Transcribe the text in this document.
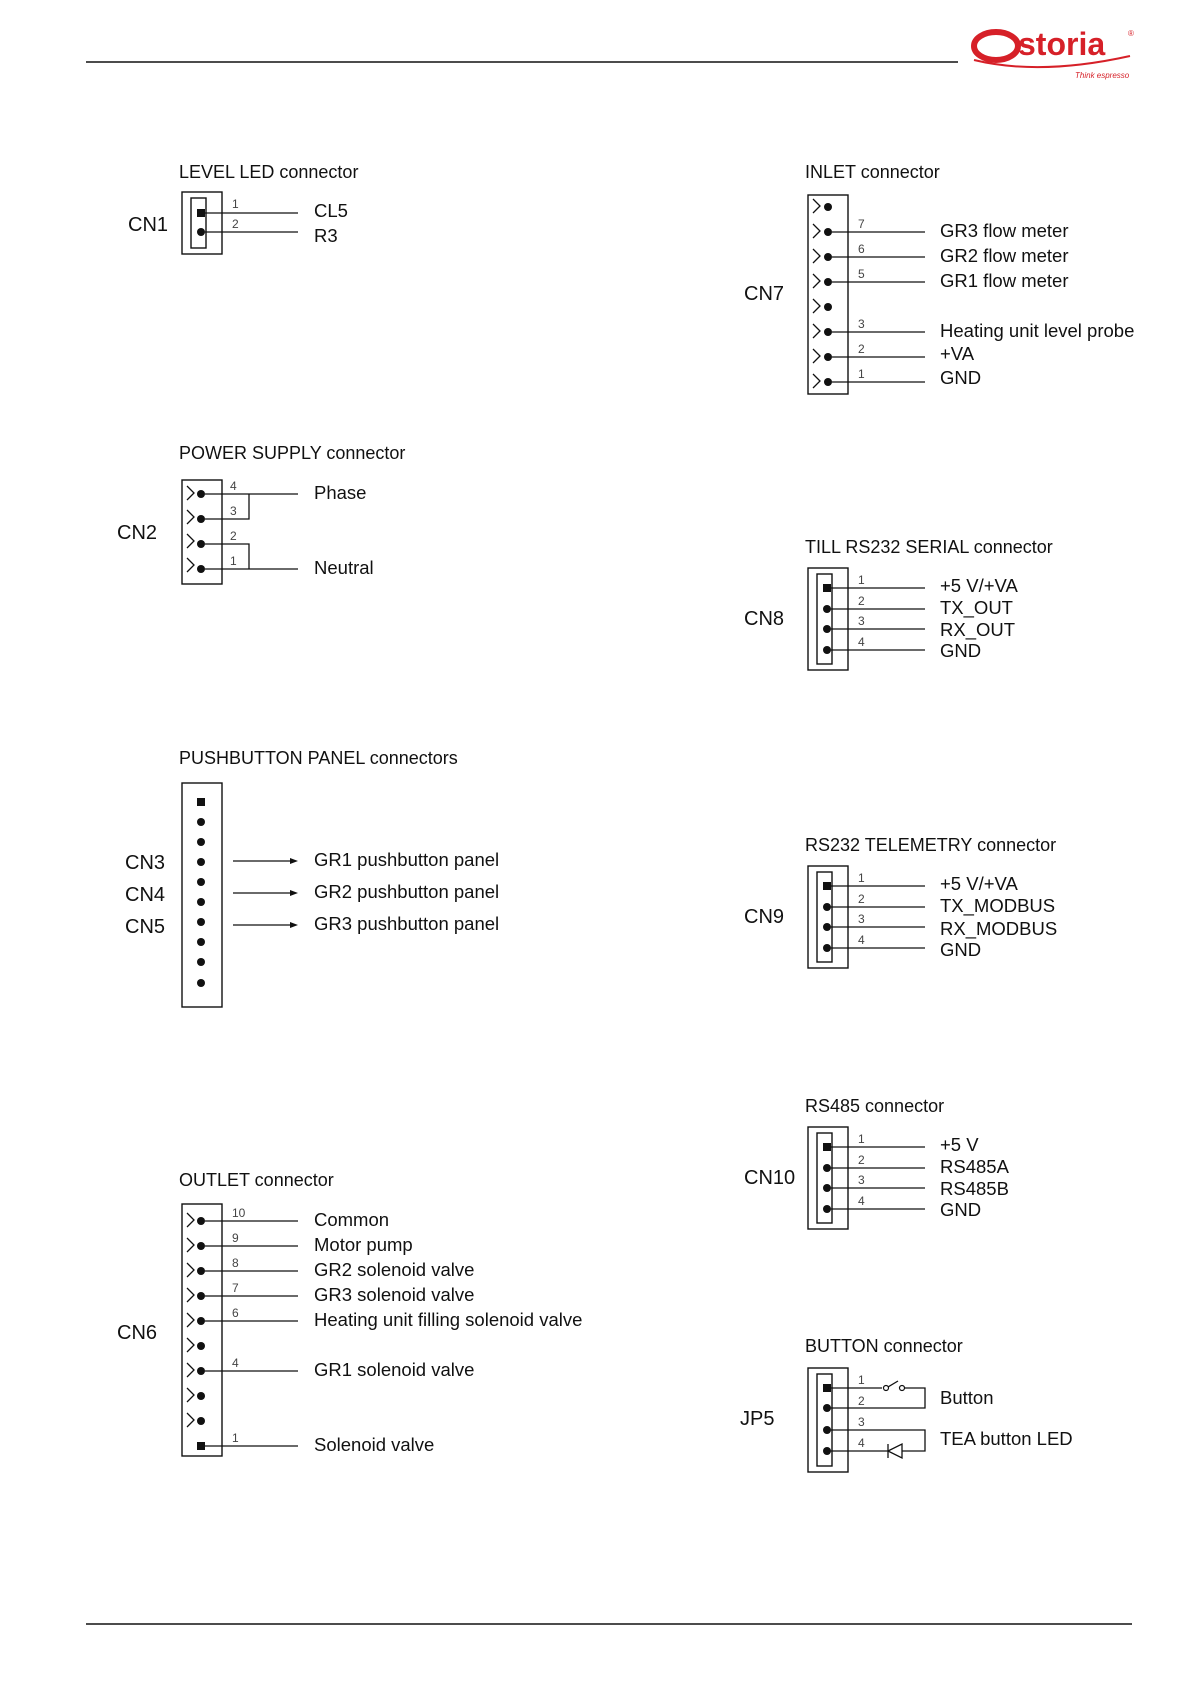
storia	®
Think espresso
LEVEL LED connector
CN1
1
2
CL5
R3
POWER SUPPLY connector
CN2
4
3
2
1
Phase
Neutral
PUSHBUTTON PANEL connectors
CN3
CN4
CN5
GR1 pushbutton panel
GR2 pushbutton panel
GR3 pushbutton panel
OUTLET connector
CN6
10
9
8
7
6
4
1
Common
Motor pump
GR2 solenoid valve
GR3 solenoid valve
Heating unit filling solenoid valve
GR1 solenoid valve
Solenoid valve
INLET connector
CN7
7
6
5
3
2
1
GR3 flow meter
GR2 flow meter
GR1 flow meter
Heating unit level probe
+VA
GND
TILL RS232 SERIAL connector
CN8
1
2
3
4
+5 V/+VA
TX_OUT
RX_OUT
GND
RS232 TELEMETRY connector
CN9
1
2
3
4
+5 V/+VA
TX_MODBUS
RX_MODBUS
GND
RS485 connector
CN10
1
2
3
4
+5 V
RS485A
RS485B
GND
BUTTON connector
JP5
1
2
3
4
Button
TEA button LED
